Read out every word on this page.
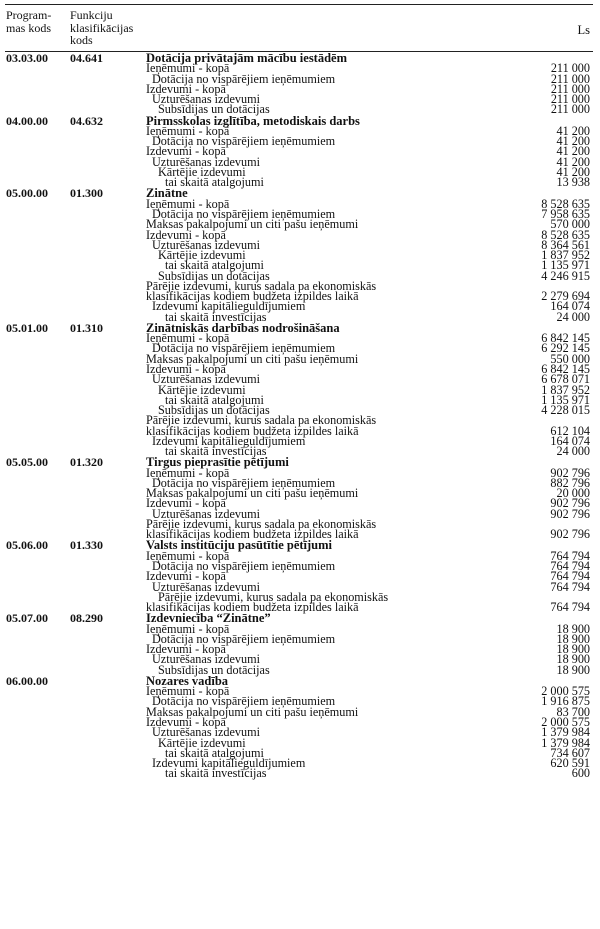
Program-
mas kods
Funkciju
klasifikācijas
kods
Ls
03.03.00 04.641	Dotācija privātajām mācību iestādēm
Ieņēmumi - kopā	211 000
Dotācija no vispārējiem ieņēmumiem	211 000
Izdevumi - kopā	211 000
Uzturēšanas izdevumi	211 000
Subsīdijas un dotācijas	211 000
04.00.00 04.632	Pirmsskolas izglītība, metodiskais darbs
Ieņēmumi - kopā	41 200
Dotācija no vispārējiem ieņēmumiem	41 200
Izdevumi - kopā	41 200
Uzturēšanas izdevumi	41 200
Kārtējie izdevumi	41 200
tai skaitā atalgojumi	13 938
05.00.00 01.300	Zinātne
Ieņēmumi - kopā	8 528 635
Dotācija no vispārējiem ieņēmumiem	7 958 635
Maksas pakalpojumi un citi pašu ieņēmumi	570 000
Izdevumi - kopā	8 528 635
Uzturēšanas izdevumi	8 364 561
Kārtējie izdevumi	1 837 952
tai skaitā atalgojumi	1 135 971
Subsīdijas un dotācijas	4 246 915
Pārējie izdevumi, kurus sadala pa ekonomiskās
klasifikācijas kodiem budžeta izpildes laikā	2 279 694
Izdevumi kapitālieguldījumiem	164 074
tai skaitā investīcijas	24 000
05.01.00 01.310	Zinātniskās darbības nodrošināšana
Ieņēmumi - kopā	6 842 145
Dotācija no vispārējiem ieņēmumiem	6 292 145
Maksas pakalpojumi un citi pašu ieņēmumi	550 000
Izdevumi - kopā	6 842 145
Uzturēšanas izdevumi	6 678 071
Kārtējie izdevumi	1 837 952
tai skaitā atalgojumi	1 135 971
Subsīdijas un dotācijas	4 228 015
Pārējie izdevumi, kurus sadala pa ekonomiskās
klasifikācijas kodiem budžeta izpildes laikā	612 104
Izdevumi kapitālieguldījumiem	164 074
tai skaitā investīcijas	24 000
05.05.00 01.320	Tirgus pieprasītie pētījumi
Ieņēmumi - kopā	902 796
Dotācija no vispārējiem ieņēmumiem	882 796
Maksas pakalpojumi un citi pašu ieņēmumi	20 000
Izdevumi - kopā	902 796
Uzturēšanas izdevumi	902 796
Pārējie izdevumi, kurus sadala pa ekonomiskās
klasifikācijas kodiem budžeta izpildes laikā	902 796
05.06.00 01.330	Valsts institūciju pasūtītie pētījumi
Ieņēmumi - kopā	764 794
Dotācija no vispārējiem ieņēmumiem	764 794
Izdevumi - kopā	764 794
Uzturēšanas izdevumi	764 794
Pārējie izdevumi, kurus sadala pa ekonomiskās
klasifikācijas kodiem budžeta izpildes laikā	764 794
05.07.00 08.290	Izdevniecība “Zinātne”
Ieņēmumi - kopā	18 900
Dotācija no vispārējiem ieņēmumiem	18 900
Izdevumi - kopā	18 900
Uzturēšanas izdevumi	18 900
Subsīdijas un dotācijas	18 900
06.00.00	Nozares vadība
Ieņēmumi - kopā	2 000 575
Dotācija no vispārējiem ieņēmumiem	1 916 875
Maksas pakalpojumi un citi pašu ieņēmumi	83 700
Izdevumi - kopā	2 000 575
Uzturēšanas izdevumi	1 379 984
Kārtējie izdevumi	1 379 984
tai skaitā atalgojumi	734 607
Izdevumi kapitālieguldījumiem	620 591
tai skaitā investīcijas	600
